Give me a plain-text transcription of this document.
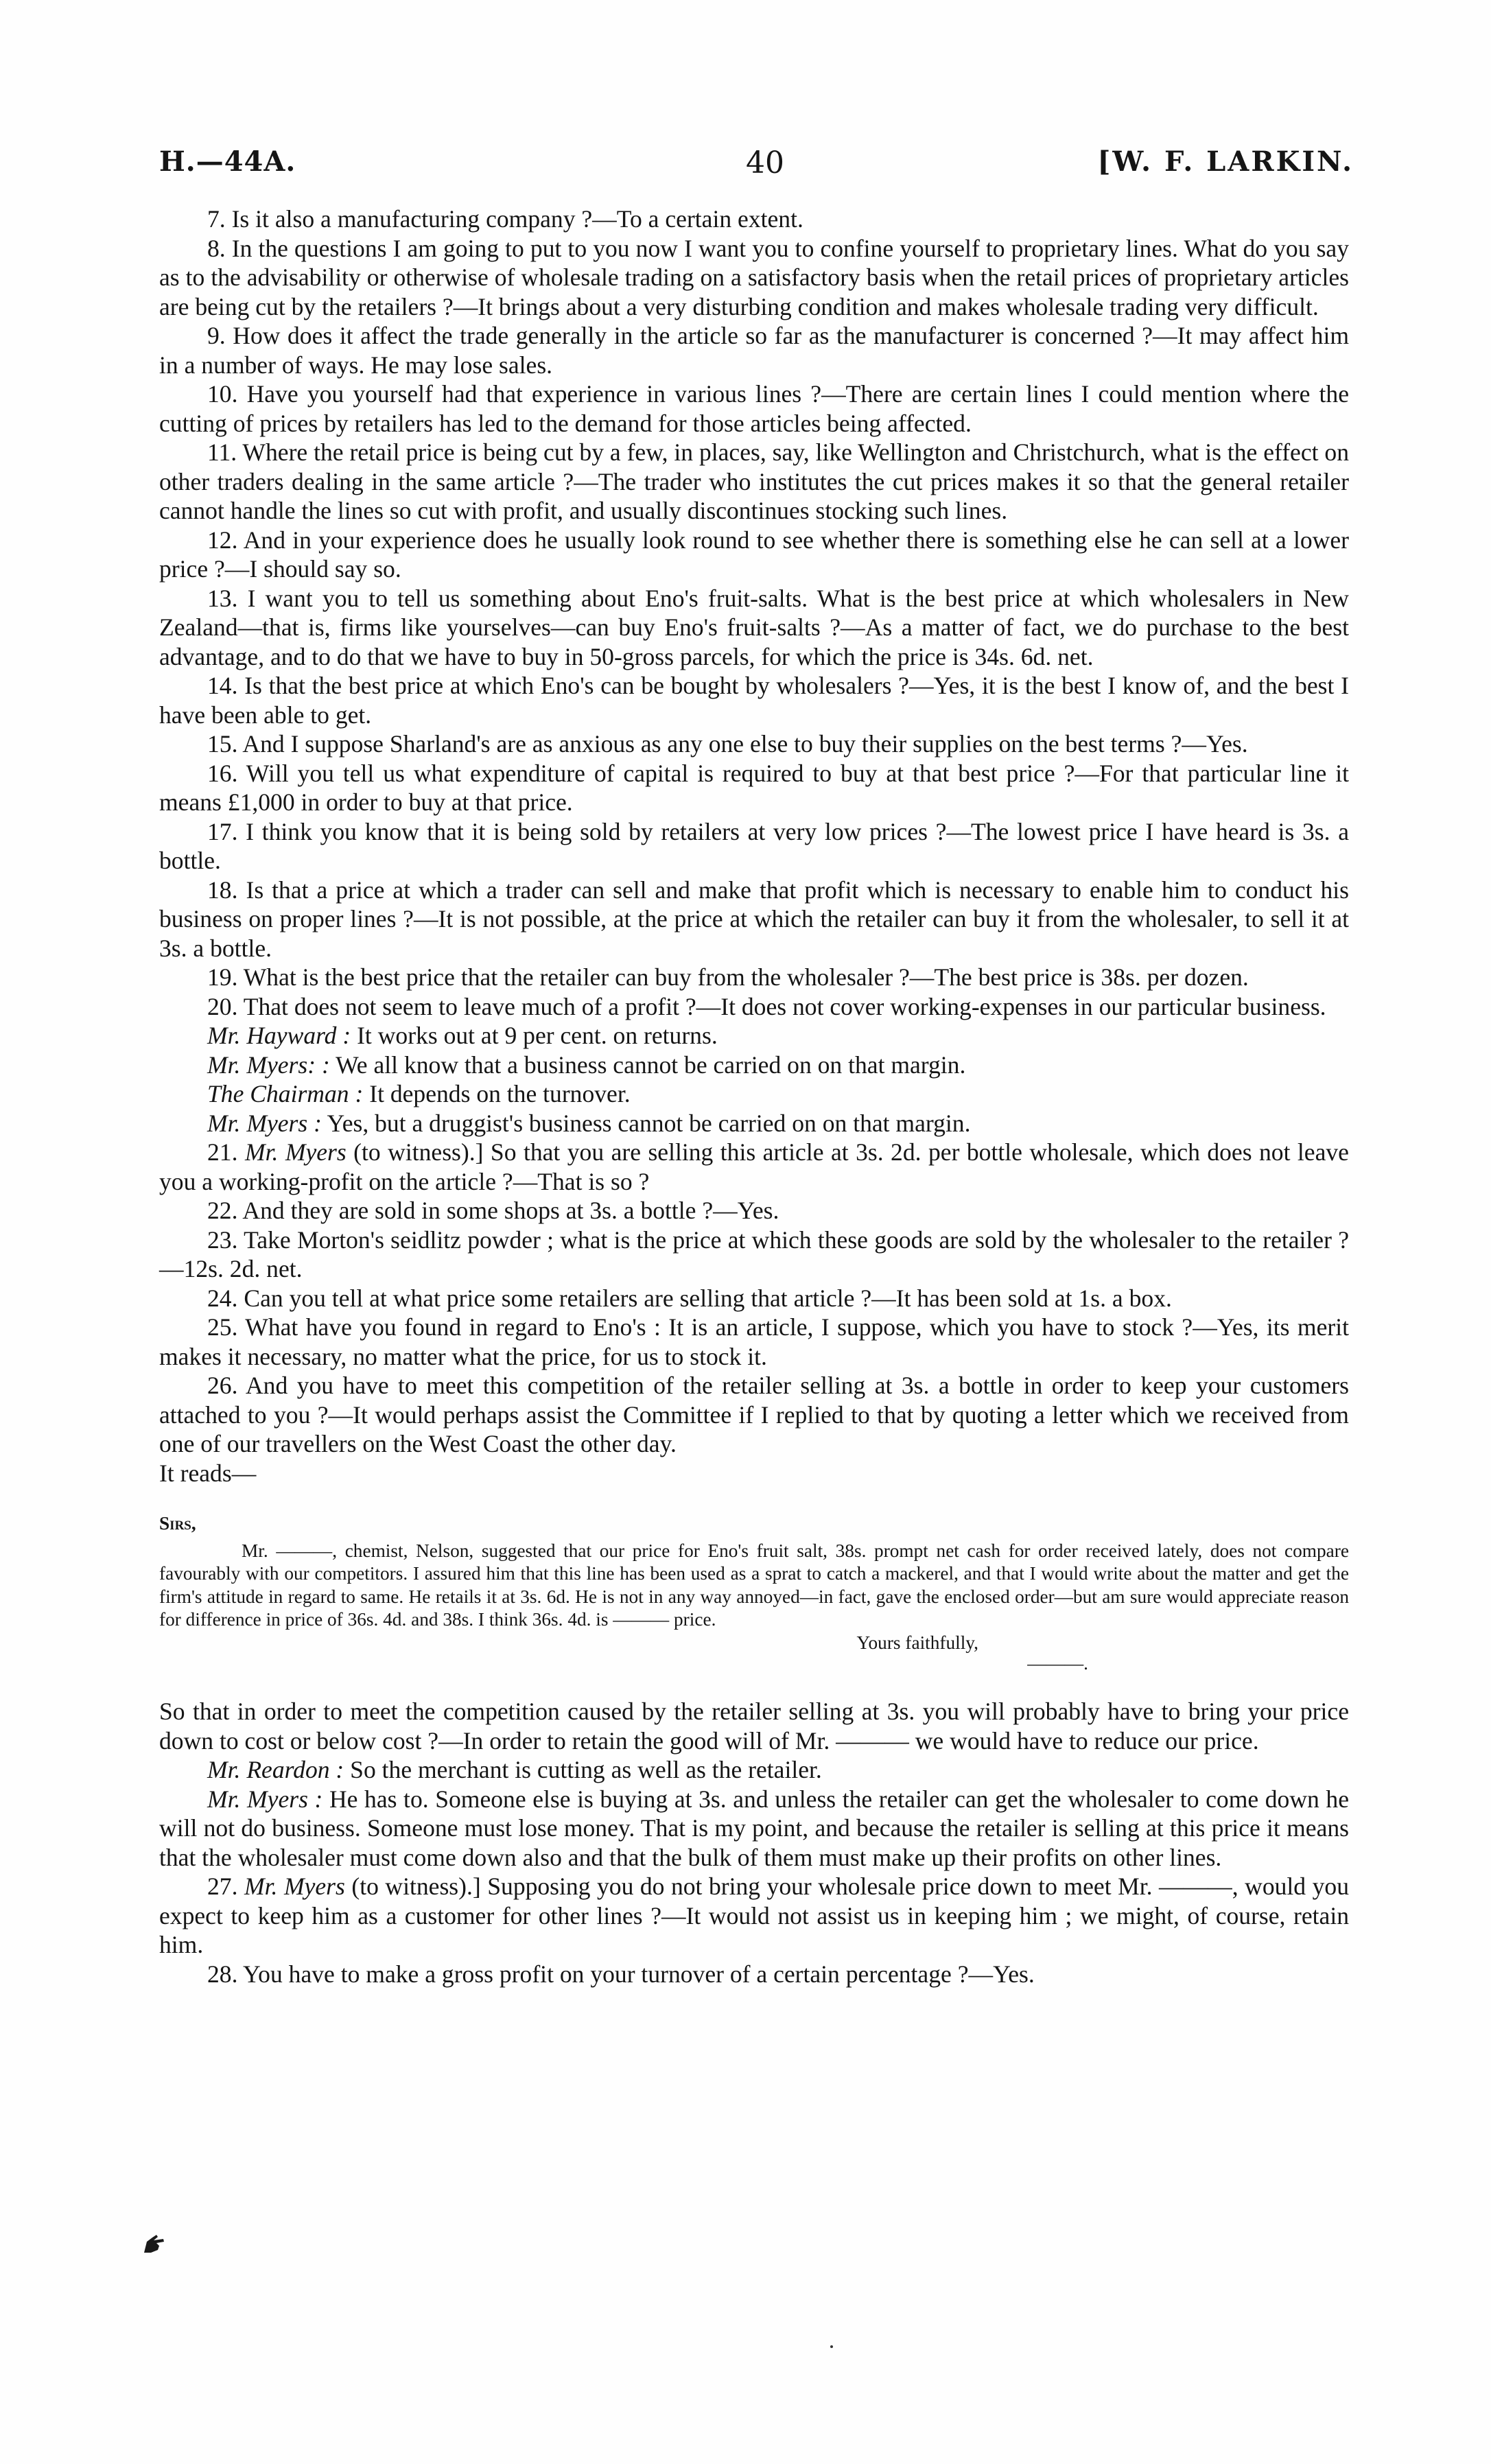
H.—44A.	40	[W. F. LARKIN.

7. Is it also a manufacturing company ?—To a certain extent.

8. In the questions I am going to put to you now I want you to confine yourself to proprietary lines. What do you say as to the advisability or otherwise of wholesale trading on a satisfactory basis when the retail prices of proprietary articles are being cut by the retailers ?—It brings about a very disturbing condition and makes wholesale trading very difficult.

9. How does it affect the trade generally in the article so far as the manufacturer is concerned ?—It may affect him in a number of ways. He may lose sales.

10. Have you yourself had that experience in various lines ?—There are certain lines I could mention where the cutting of prices by retailers has led to the demand for those articles being affected.

11. Where the retail price is being cut by a few, in places, say, like Wellington and Christchurch, what is the effect on other traders dealing in the same article ?—The trader who institutes the cut prices makes it so that the general retailer cannot handle the lines so cut with profit, and usually discontinues stocking such lines.

12. And in your experience does he usually look round to see whether there is something else he can sell at a lower price ?—I should say so.

13. I want you to tell us something about Eno's fruit-salts. What is the best price at which wholesalers in New Zealand—that is, firms like yourselves—can buy Eno's fruit-salts ?—As a matter of fact, we do purchase to the best advantage, and to do that we have to buy in 50-gross parcels, for which the price is 34s. 6d. net.

14. Is that the best price at which Eno's can be bought by wholesalers ?—Yes, it is the best I know of, and the best I have been able to get.

15. And I suppose Sharland's are as anxious as any one else to buy their supplies on the best terms ?—Yes.

16. Will you tell us what expenditure of capital is required to buy at that best price ?—For that particular line it means £1,000 in order to buy at that price.

17. I think you know that it is being sold by retailers at very low prices ?—The lowest price I have heard is 3s. a bottle.

18. Is that a price at which a trader can sell and make that profit which is necessary to enable him to conduct his business on proper lines ?—It is not possible, at the price at which the retailer can buy it from the wholesaler, to sell it at 3s. a bottle.

19. What is the best price that the retailer can buy from the wholesaler ?—The best price is 38s. per dozen.

20. That does not seem to leave much of a profit ?—It does not cover working-expenses in our particular business.

Mr. Hayward : It works out at 9 per cent. on returns.

Mr. Myers: : We all know that a business cannot be carried on on that margin.

The Chairman : It depends on the turnover.

Mr. Myers : Yes, but a druggist's business cannot be carried on on that margin.

21. Mr. Myers (to witness).] So that you are selling this article at 3s. 2d. per bottle wholesale, which does not leave you a working-profit on the article ?—That is so ?

22. And they are sold in some shops at 3s. a bottle ?—Yes.

23. Take Morton's seidlitz powder ; what is the price at which these goods are sold by the wholesaler to the retailer ?—12s. 2d. net.

24. Can you tell at what price some retailers are selling that article ?—It has been sold at 1s. a box.

25. What have you found in regard to Eno's : It is an article, I suppose, which you have to stock ?—Yes, its merit makes it necessary, no matter what the price, for us to stock it.

26. And you have to meet this competition of the retailer selling at 3s. a bottle in order to keep your customers attached to you ?—It would perhaps assist the Committee if I replied to that by quoting a letter which we received from one of our travellers on the West Coast the other day.

It reads—

Sirs,

Mr. ———, chemist, Nelson, suggested that our price for Eno's fruit salt, 38s. prompt net cash for order received lately, does not compare favourably with our competitors. I assured him that this line has been used as a sprat to catch a mackerel, and that I would write about the matter and get the firm's attitude in regard to same. He retails it at 3s. 6d. He is not in any way annoyed—in fact, gave the enclosed order—but am sure would appreciate reason for difference in price of 36s. 4d. and 38s. I think 36s. 4d. is ——— price.

Yours faithfully,

———.

So that in order to meet the competition caused by the retailer selling at 3s. you will probably have to bring your price down to cost or below cost ?—In order to retain the good will of Mr. ——— we would have to reduce our price.

Mr. Reardon : So the merchant is cutting as well as the retailer.

Mr. Myers : He has to. Someone else is buying at 3s. and unless the retailer can get the wholesaler to come down he will not do business. Someone must lose money. That is my point, and because the retailer is selling at this price it means that the wholesaler must come down also and that the bulk of them must make up their profits on other lines.

27. Mr. Myers (to witness).] Supposing you do not bring your wholesale price down to meet Mr. ———, would you expect to keep him as a customer for other lines ?—It would not assist us in keeping him ; we might, of course, retain him.

28. You have to make a gross profit on your turnover of a certain percentage ?—Yes.
